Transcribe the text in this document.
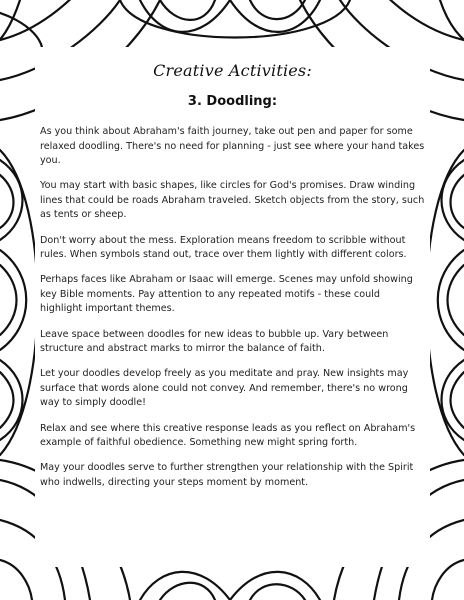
Creative Activities:
3. Doodling:

As you think about Abraham's faith journey, take out pen and paper for some relaxed doodling. There's no need for planning - just see where your hand takes you.

You may start with basic shapes, like circles for God's promises. Draw winding lines that could be roads Abraham traveled. Sketch objects from the story, such as tents or sheep.

Don't worry about the mess. Exploration means freedom to scribble without rules. When symbols stand out, trace over them lightly with different colors.

Perhaps faces like Abraham or Isaac will emerge. Scenes may unfold showing key Bible moments. Pay attention to any repeated motifs - these could highlight important themes.

Leave space between doodles for new ideas to bubble up. Vary between structure and abstract marks to mirror the balance of faith.

Let your doodles develop freely as you meditate and pray. New insights may surface that words alone could not convey. And remember, there's no wrong way to simply doodle!

Relax and see where this creative response leads as you reflect on Abraham's example of faithful obedience. Something new might spring forth.

May your doodles serve to further strengthen your relationship with the Spirit who indwells, directing your steps moment by moment.
